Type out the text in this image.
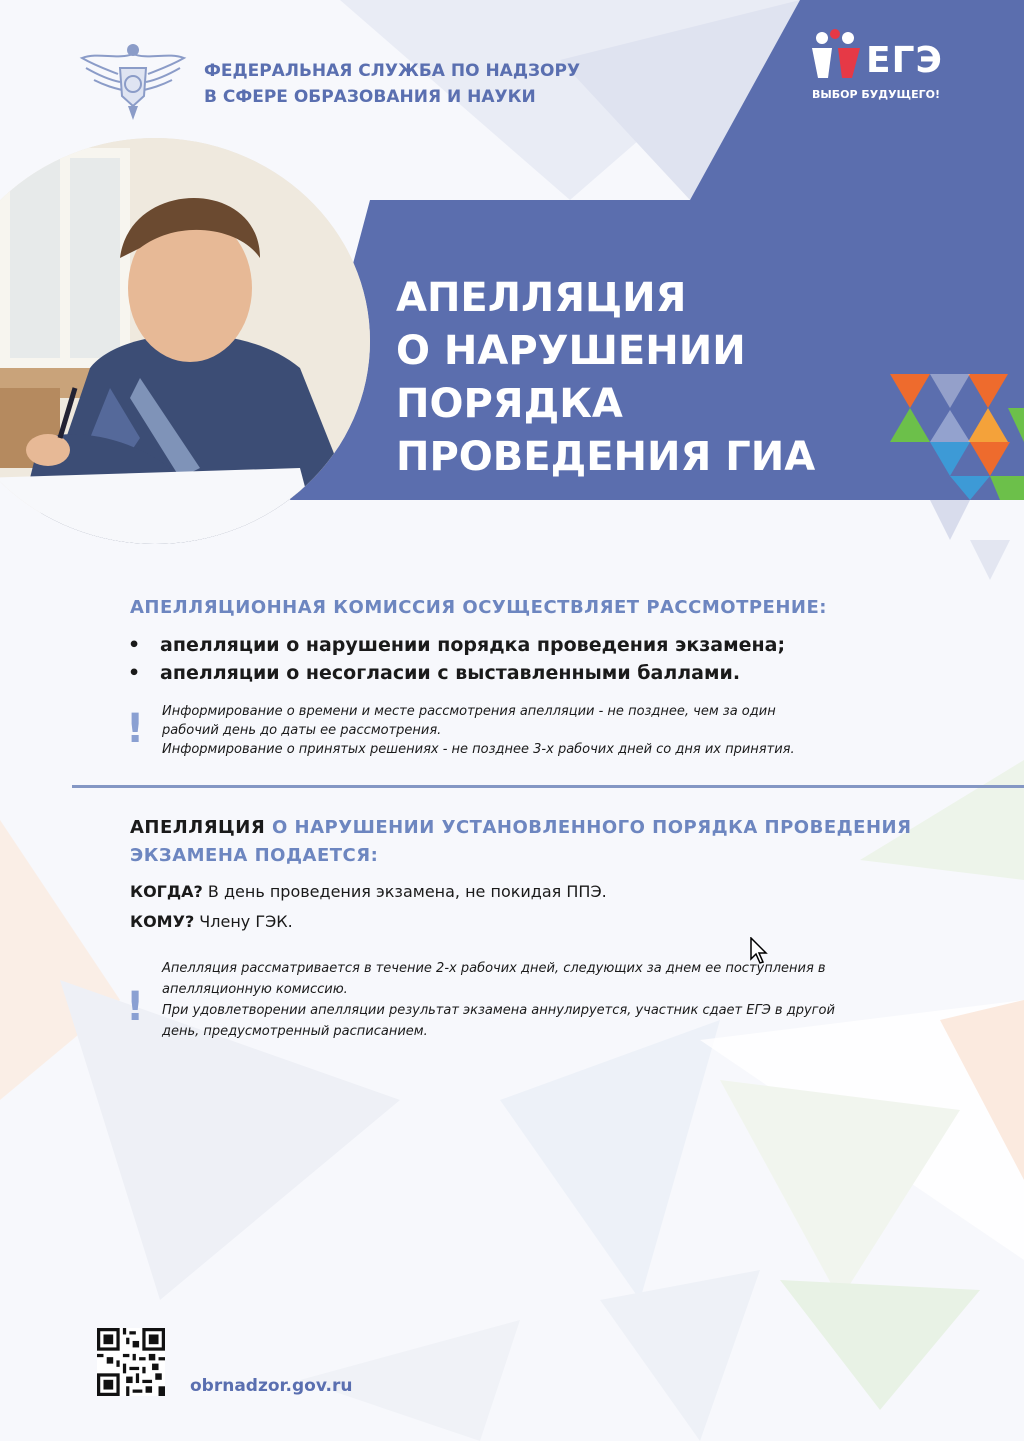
ФЕДЕРАЛЬНАЯ СЛУЖБА ПО НАДЗОРУ
В СФЕРЕ ОБРАЗОВАНИЯ И НАУКИ
ЕГЭ
ВЫБОР БУДУЩЕГО!
АПЕЛЛЯЦИЯ
О НАРУШЕНИИ
ПОРЯДКА
ПРОВЕДЕНИЯ ГИА
АПЕЛЛЯЦИОННАЯ КОМИССИЯ ОСУЩЕСТВЛЯЕТ РАССМОТРЕНИЕ:
• апелляции о нарушении порядка проведения экзамена;
• апелляции о несогласии с выставленными баллами.
! Информирование о времени и месте рассмотрения апелляции - не позднее, чем за один
рабочий день до даты ее рассмотрения.
Информирование о принятых решениях - не позднее 3-х рабочих дней со дня их принятия.
АПЕЛЛЯЦИЯ О НАРУШЕНИИ УСТАНОВЛЕННОГО ПОРЯДКА ПРОВЕДЕНИЯ
ЭКЗАМЕНА ПОДАЕТСЯ:
КОГДА? В день проведения экзамена, не покидая ППЭ.
КОМУ? Члену ГЭК.
!
Апелляция рассматривается в течение 2-х рабочих дней, следующих за днем ее поступления в
апелляционную комиссию.
При удовлетворении апелляции результат экзамена аннулируется, участник сдает ЕГЭ в другой
день, предусмотренный расписанием.
obrnadzor.gov.ru
